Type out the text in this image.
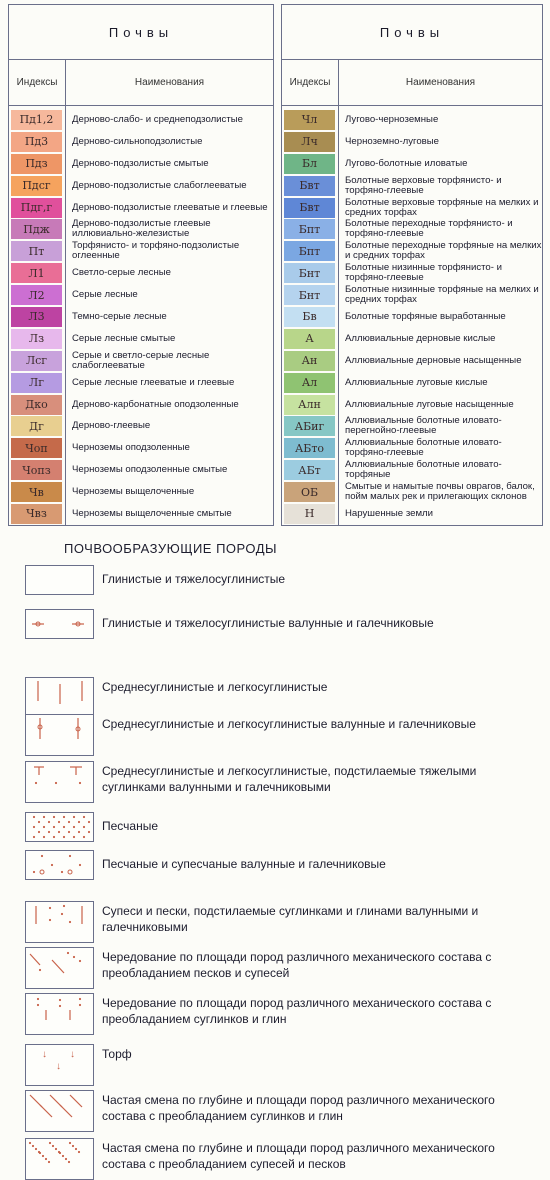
Почвы
Индексы	Наименования
Пд1,2	Дерново-слабо- и среднеподзолистые
Пд3	Дерново-сильноподзолистые
Пдз	Дерново-подзолистые смытые
Пдсг	Дерново-подзолистые слабоглееватые
Пдг,г	Дерново-подзолистые глееватые и глеевые
Пдж	Дерново-подзолистые глеевые иллювиально-железистые
Пт	Торфянисто- и торфяно-подзолистые оглеенные
Л1	Светло-серые лесные
Л2	Серые лесные
Л3	Темно-серые лесные
Лз	Серые лесные смытые
Лсг	Серые и светло-серые лесные слабоглееватые
Лг	Серые лесные глееватые и глеевые
Дко	Дерново-карбонатные оподзоленные
Дг	Дерново-глеевые
Чоп	Черноземы оподзоленные
Чопз	Черноземы оподзоленные смытые
Чв	Черноземы выщелоченные
Чвз	Черноземы выщелоченные смытые
Почвы
Индексы	Наименования
Чл	Лугово-черноземные
Лч	Черноземно-луговые
Бл	Лугово-болотные иловатые
Бвт	Болотные верховые торфянисто- и торфяно-глеевые
Бвт	Болотные верховые торфяные на мелких и средних торфах
Бпт	Болотные переходные торфянисто- и торфяно-глеевые
Бпт	Болотные переходные торфяные на мелких и средних торфах
Бнт	Болотные низинные торфянисто- и торфяно-глеевые
Бнт	Болотные низинные торфяные на мелких и средних торфах
Бв	Болотные торфяные выработанные
А	Аллювиальные дерновые кислые
Ан	Аллювиальные дерновые насыщенные
Ал	Аллювиальные луговые кислые
Алн	Аллювиальные луговые насыщенные
АБиг	Аллювиальные болотные иловато-перегнойно-глеевые
АБто	Аллювиальные болотные иловато-торфяно-глеевые
АБт	Аллювиальные болотные иловато-торфяные
ОБ	Смытые и намытые почвы оврагов, балок, пойм малых рек и прилегающих склонов
Н	Нарушенные земли
ПОЧВООБРАЗУЮЩИЕ ПОРОДЫ
Глинистые и тяжелосуглинистые
Глинистые и тяжелосуглинистые валунные и галечниковые
Среднесуглинистые и легкосуглинистые
Среднесуглинистые и легкосуглинистые валунные и галечниковые
Среднесуглинистые и легкосуглинистые, подстилаемые тяжелыми суглинками валунными и галечниковыми
Песчаные
Песчаные и супесчаные валунные и галечниковые
Супеси и пески, подстилаемые суглинками и глинами валунными и галечниковыми
Чередование по площади пород различного механического состава с преобладанием песков и супесей
Чередование по площади пород различного механического состава с преобладанием суглинков и глин
↓ ↓
↓
Торф
Частая смена по глубине и площади пород различного механического состава с преобладанием суглинков и глин
Частая смена по глубине и площади пород различного механического состава с преобладанием супесей и песков
